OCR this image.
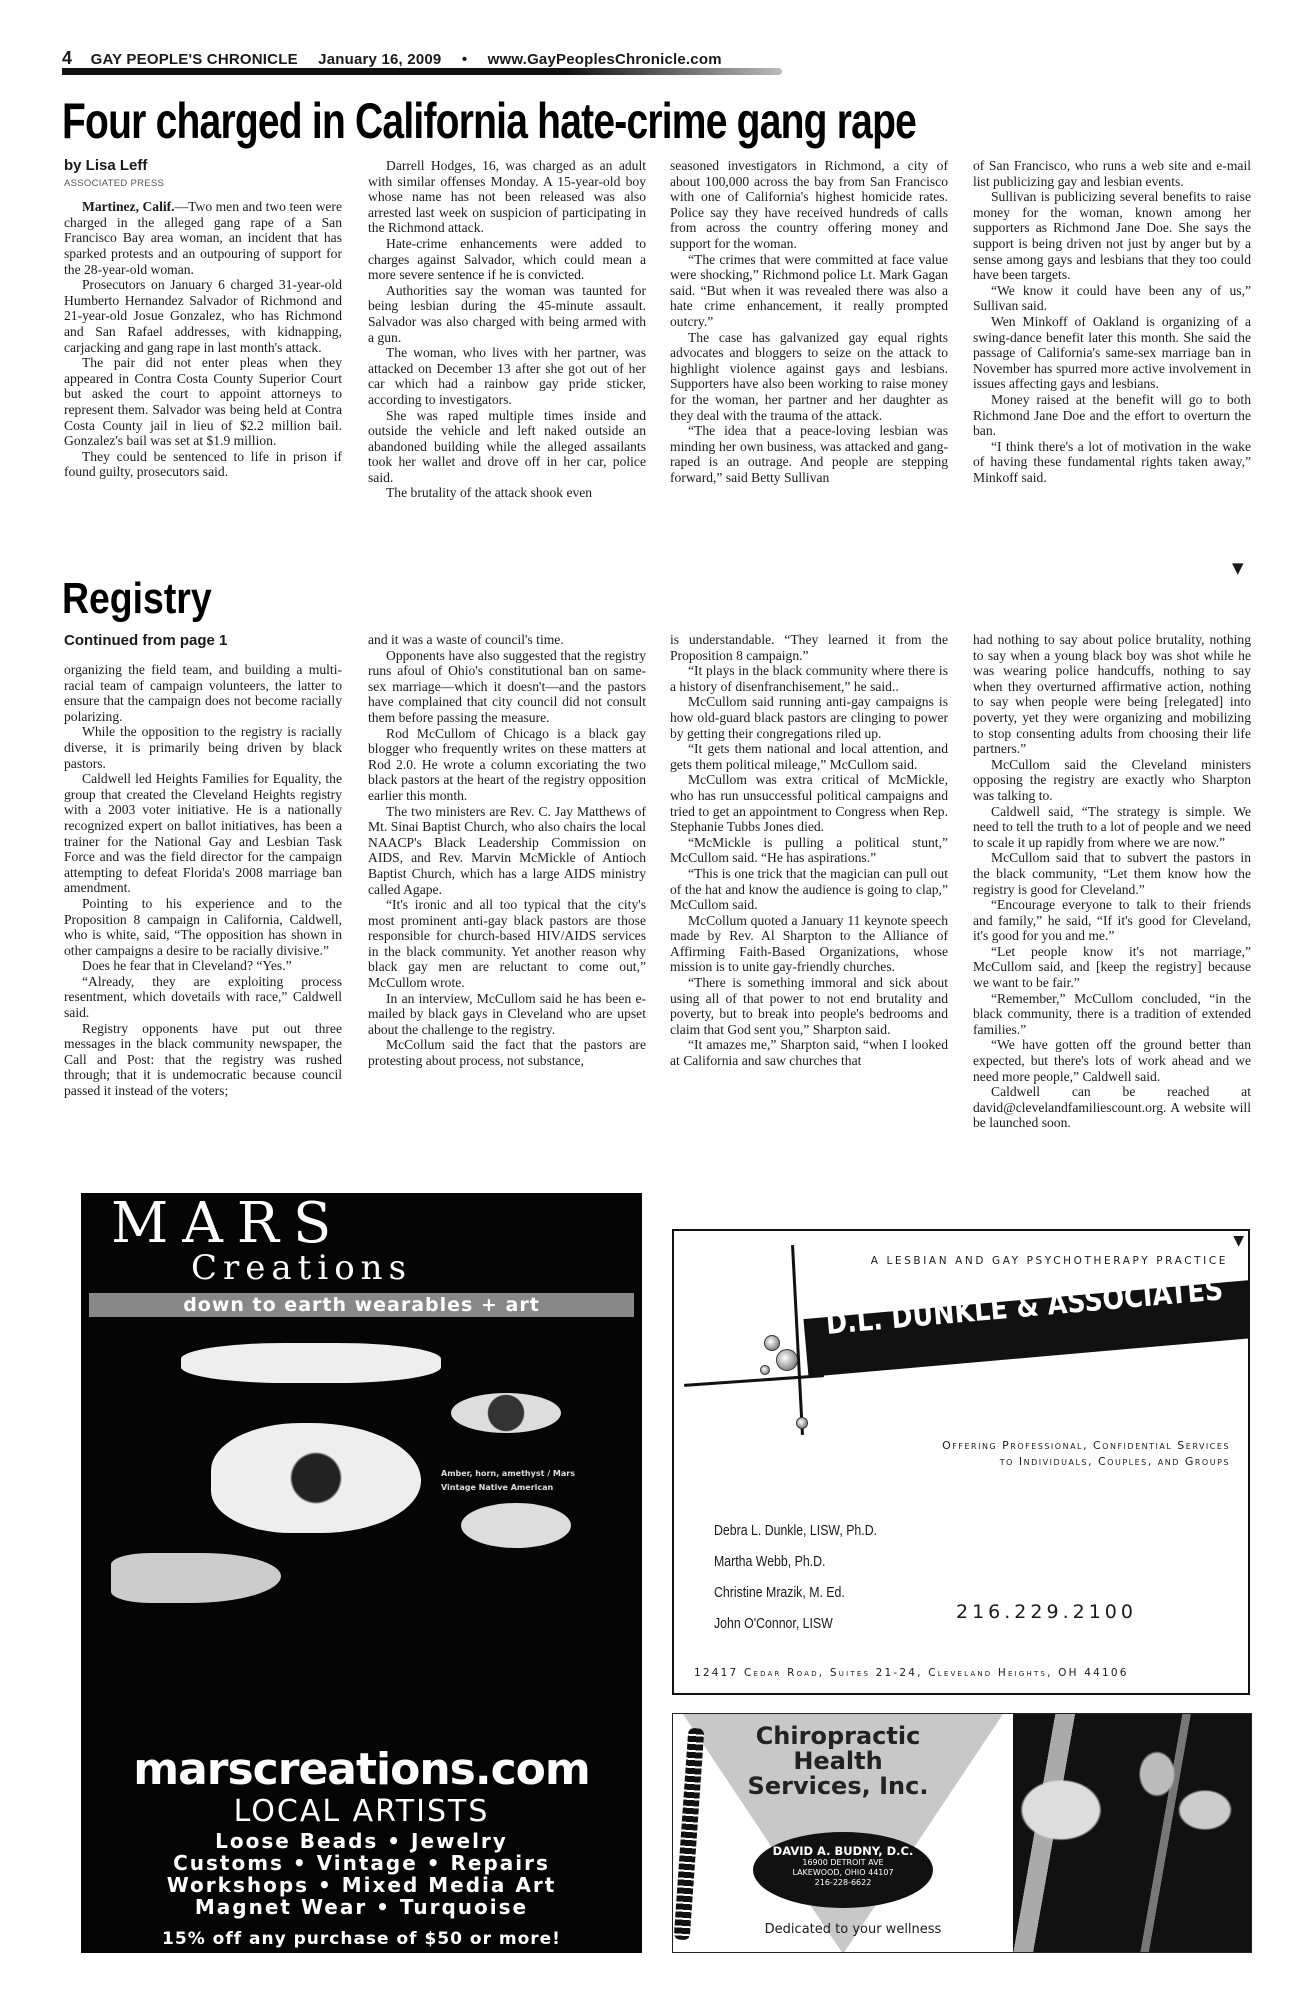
4 GAY PEOPLE'S CHRONICLE January 16, 2009 • www.GayPeoplesChronicle.com
Four charged in California hate-crime gang rape
by Lisa Leff
ASSOCIATED PRESS

Martinez, Calif.—Two men and two teen were charged in the alleged gang rape of a San Francisco Bay area woman, an incident that has sparked protests and an outpouring of support for the 28-year-old woman.

Prosecutors on January 6 charged 31-year-old Humberto Hernandez Salvador of Richmond and 21-year-old Josue Gonzalez, who has Richmond and San Rafael addresses, with kidnapping, carjacking and gang rape in last month's attack.

The pair did not enter pleas when they appeared in Contra Costa County Superior Court but asked the court to appoint attorneys to represent them. Salvador was being held at Contra Costa County jail in lieu of $2.2 million bail. Gonzalez's bail was set at $1.9 million.

They could be sentenced to life in prison if found guilty, prosecutors said.

Darrell Hodges, 16, was charged as an adult with similar offenses Monday. A 15-year-old boy whose name has not been released was also arrested last week on suspicion of participating in the Richmond attack.

Hate-crime enhancements were added to charges against Salvador, which could mean a more severe sentence if he is convicted.

Authorities say the woman was taunted for being lesbian during the 45-minute assault. Salvador was also charged with being armed with a gun.

The woman, who lives with her partner, was attacked on December 13 after she got out of her car which had a rainbow gay pride sticker, according to investigators.

She was raped multiple times inside and outside the vehicle and left naked outside an abandoned building while the alleged assailants took her wallet and drove off in her car, police said.

The brutality of the attack shook even

seasoned investigators in Richmond, a city of about 100,000 across the bay from San Francisco with one of California's highest homicide rates. Police say they have received hundreds of calls from across the country offering money and support for the woman.

“The crimes that were committed at face value were shocking,” Richmond police Lt. Mark Gagan said. “But when it was revealed there was also a hate crime enhancement, it really prompted outcry.”

The case has galvanized gay equal rights advocates and bloggers to seize on the attack to highlight violence against gays and lesbians. Supporters have also been working to raise money for the woman, her partner and her daughter as they deal with the trauma of the attack.

“The idea that a peace-loving lesbian was minding her own business, was attacked and gang-raped is an outrage. And people are stepping forward,” said Betty Sullivan

of San Francisco, who runs a web site and e-mail list publicizing gay and lesbian events.

Sullivan is publicizing several benefits to raise money for the woman, known among her supporters as Richmond Jane Doe. She says the support is being driven not just by anger but by a sense among gays and lesbians that they too could have been targets.

“We know it could have been any of us,” Sullivan said.

Wen Minkoff of Oakland is organizing of a swing-dance benefit later this month. She said the passage of California's same-sex marriage ban in November has spurred more active involvement in issues affecting gays and lesbians.

Money raised at the benefit will go to both Richmond Jane Doe and the effort to overturn the ban.

“I think there's a lot of motivation in the wake of having these fundamental rights taken away,” Minkoff said.

▼
Registry
Continued from page 1

organizing the field team, and building a multi-racial team of campaign volunteers, the latter to ensure that the campaign does not become racially polarizing.

While the opposition to the registry is racially diverse, it is primarily being driven by black pastors.

Caldwell led Heights Families for Equality, the group that created the Cleveland Heights registry with a 2003 voter initiative. He is a nationally recognized expert on ballot initiatives, has been a trainer for the National Gay and Lesbian Task Force and was the field director for the campaign attempting to defeat Florida's 2008 marriage ban amendment.

Pointing to his experience and to the Proposition 8 campaign in California, Caldwell, who is white, said, “The opposition has shown in other campaigns a desire to be racially divisive.”

Does he fear that in Cleveland? “Yes.”

“Already, they are exploiting process resentment, which dovetails with race,” Caldwell said.

Registry opponents have put out three messages in the black community newspaper, the Call and Post: that the registry was rushed through; that it is undemocratic because council passed it instead of the voters;

and it was a waste of council's time.

Opponents have also suggested that the registry runs afoul of Ohio's constitutional ban on same-sex marriage—which it doesn't—and the pastors have complained that city council did not consult them before passing the measure.

Rod McCullom of Chicago is a black gay blogger who frequently writes on these matters at Rod 2.0. He wrote a column excoriating the two black pastors at the heart of the registry opposition earlier this month.

The two ministers are Rev. C. Jay Matthews of Mt. Sinai Baptist Church, who also chairs the local NAACP's Black Leadership Commission on AIDS, and Rev. Marvin McMickle of Antioch Baptist Church, which has a large AIDS ministry called Agape.

“It's ironic and all too typical that the city's most prominent anti-gay black pastors are those responsible for church-based HIV/AIDS services in the black community. Yet another reason why black gay men are reluctant to come out,” McCullom wrote.

In an interview, McCullom said he has been e-mailed by black gays in Cleveland who are upset about the challenge to the registry.

McCollum said the fact that the pastors are protesting about process, not substance,

is understandable. “They learned it from the Proposition 8 campaign.”

“It plays in the black community where there is a history of disenfranchisement,” he said..

McCullom said running anti-gay campaigns is how old-guard black pastors are clinging to power by getting their congregations riled up.

“It gets them national and local attention, and gets them political mileage,” McCullom said.

McCullom was extra critical of McMickle, who has run unsuccessful political campaigns and tried to get an appointment to Congress when Rep. Stephanie Tubbs Jones died.

“McMickle is pulling a political stunt,” McCullom said. “He has aspirations.”

“This is one trick that the magician can pull out of the hat and know the audience is going to clap,” McCullom said.

McCollum quoted a January 11 keynote speech made by Rev. Al Sharpton to the Alliance of Affirming Faith-Based Organizations, whose mission is to unite gay-friendly churches.

“There is something immoral and sick about using all of that power to not end brutality and poverty, but to break into people's bedrooms and claim that God sent you,” Sharpton said.

“It amazes me,” Sharpton said, “when I looked at California and saw churches that

had nothing to say about police brutality, nothing to say when a young black boy was shot while he was wearing police handcuffs, nothing to say when they overturned affirmative action, nothing to say when people were being [relegated] into poverty, yet they were organizing and mobilizing to stop consenting adults from choosing their life partners.”

McCullom said the Cleveland ministers opposing the registry are exactly who Sharpton was talking to.

Caldwell said, “The strategy is simple. We need to tell the truth to a lot of people and we need to scale it up rapidly from where we are now.”

McCullom said that to subvert the pastors in the black community, “Let them know how the registry is good for Cleveland.”

“Encourage everyone to talk to their friends and family,” he said, “If it's good for Cleveland, it's good for you and me.”

“Let people know it's not marriage,” McCullom said, and [keep the registry] because we want to be fair.”

“Remember,” McCullom concluded, “in the black community, there is a tradition of extended families.”

“We have gotten off the ground better than expected, but there's lots of work ahead and we need more people,” Caldwell said.

Caldwell can be reached at david@clevelandfamiliescount.org. A website will be launched soon.

MARS
Creations
down to earth wearables + art
Amber, horn, amethyst / Mars
Vintage Native American
marscreations.com
LOCAL ARTISTS
Loose Beads • Jewelry
Customs • Vintage • Repairs
Workshops • Mixed Media Art
Magnet Wear • Turquoise
15% off any purchase of $50 or more!
▼
D.L. DUNKLE & ASSOCIATES
A LESBIAN AND GAY PSYCHOTHERAPY PRACTICE
Offering Professional, Confidential Services
to Individuals, Couples, and Groups
Debra L. Dunkle, LISW, Ph.D.
Martha Webb, Ph.D.
Christine Mrazik, M. Ed.
John O'Connor, LISW
216.229.2100
12417 Cedar Road, Suites 21-24, Cleveland Heights, OH 44106
Chiropractic Health
Services, Inc.
DAVID A. BUDNY, D.C.
16900 DETROIT AVE
LAKEWOOD, OHIO 44107
216-228-6622
Dedicated to your wellness
